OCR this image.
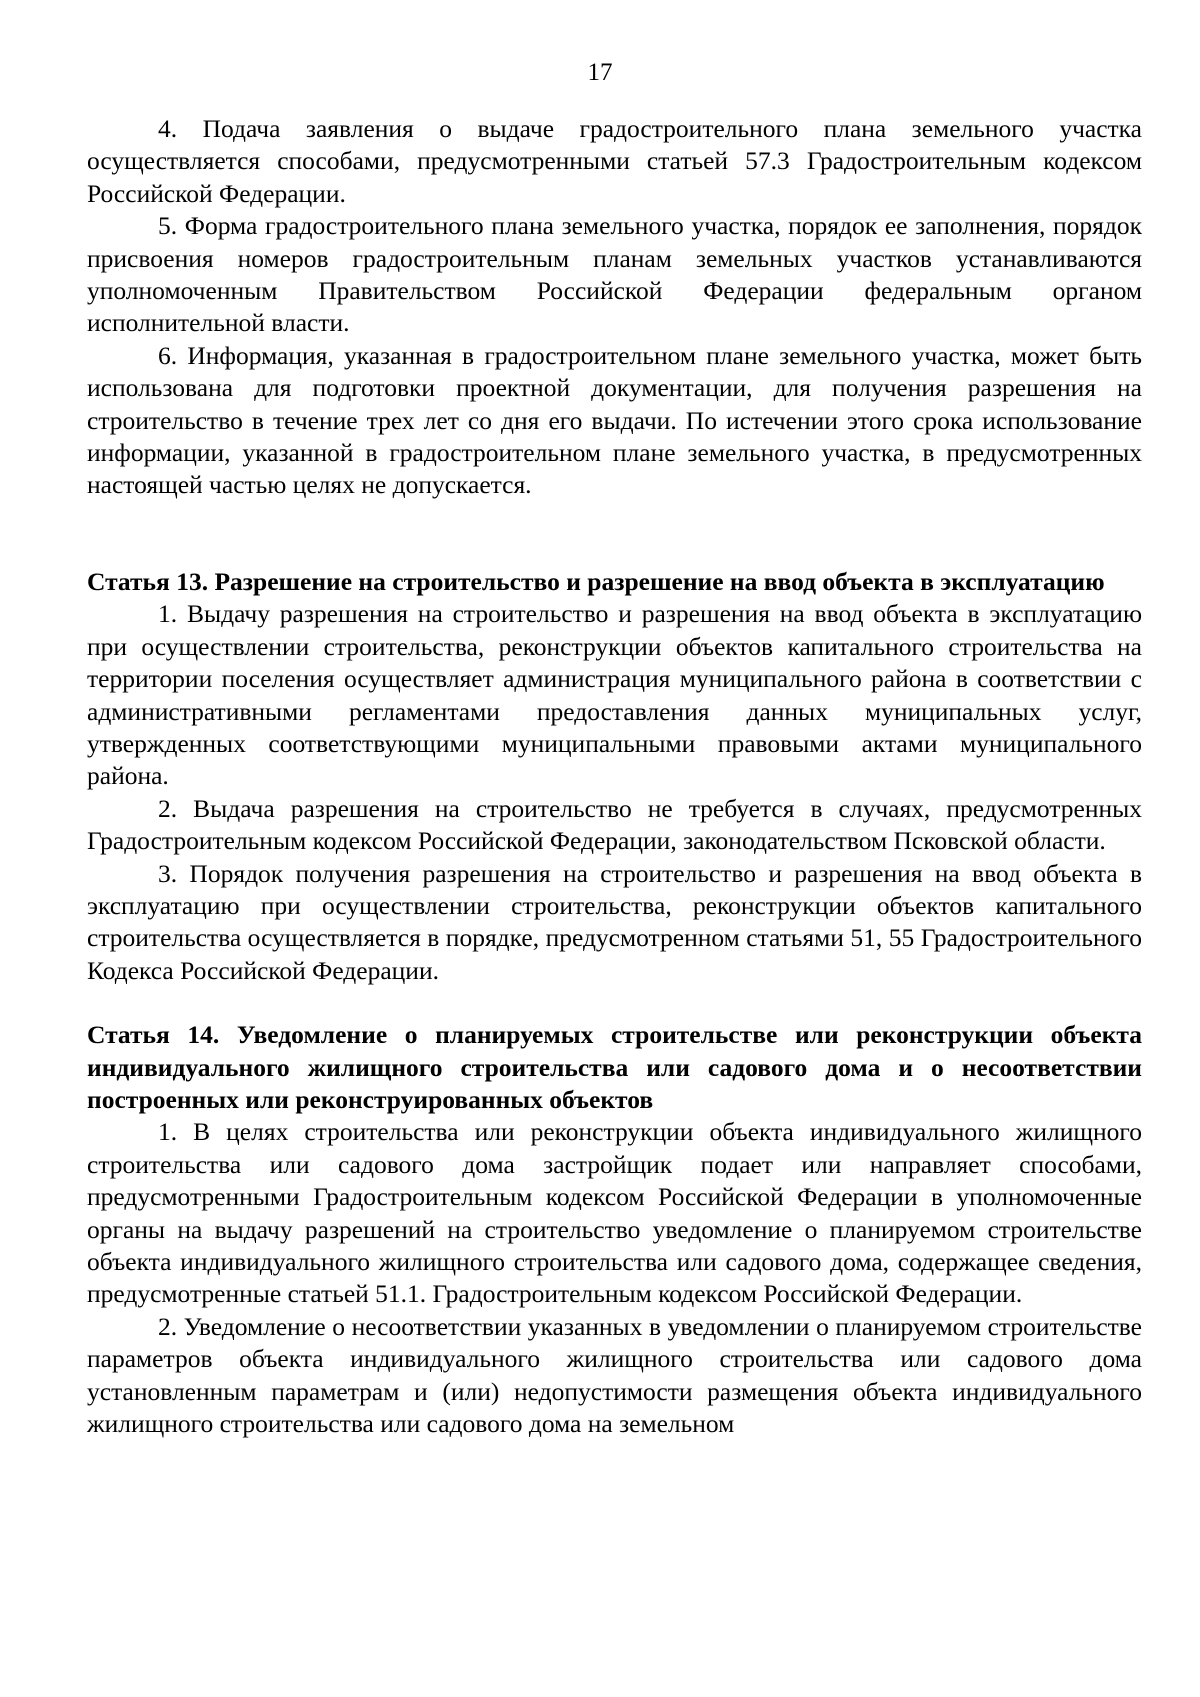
17

4. Подача заявления о выдаче градостроительного плана земельного участка осуществляется способами, предусмотренными статьей 57.3 Градостроительным кодексом Российской Федерации.

5. Форма градостроительного плана земельного участка, порядок ее заполнения, порядок присвоения номеров градостроительным планам земельных участков устанавливаются уполномоченным Правительством Российской Федерации федеральным органом исполнительной власти.

6. Информация, указанная в градостроительном плане земельного участка, может быть использована для подготовки проектной документации, для получения разрешения на строительство в течение трех лет со дня его выдачи. По истечении этого срока использование информации, указанной в градостроительном плане земельного участка, в предусмотренных настоящей частью целях не допускается.

Статья 13. Разрешение на строительство и разрешение на ввод объекта в эксплуатацию

1. Выдачу разрешения на строительство и разрешения на ввод объекта в эксплуатацию при осуществлении строительства, реконструкции объектов капитального строительства на территории поселения осуществляет администрация муниципального района в соответствии с административными регламентами предоставления данных муниципальных услуг, утвержденных соответствующими муниципальными правовыми актами муниципального района.

2. Выдача разрешения на строительство не требуется в случаях, предусмотренных Градостроительным кодексом Российской Федерации, законодательством Псковской области.

3. Порядок получения разрешения на строительство и разрешения на ввод объекта в эксплуатацию при осуществлении строительства, реконструкции объектов капитального строительства осуществляется в порядке, предусмотренном статьями 51, 55 Градостроительного Кодекса Российской Федерации.

Статья 14. Уведомление о планируемых строительстве или реконструкции объекта индивидуального жилищного строительства или садового дома и о несоответствии построенных или реконструированных объектов

1. В целях строительства или реконструкции объекта индивидуального жилищного строительства или садового дома застройщик подает или направляет способами, предусмотренными Градостроительным кодексом Российской Федерации в уполномоченные органы на выдачу разрешений на строительство уведомление о планируемом строительстве объекта индивидуального жилищного строительства или садового дома, содержащее сведения, предусмотренные статьей 51.1. Градостроительным кодексом Российской Федерации.

2. Уведомление о несоответствии указанных в уведомлении о планируемом строительстве параметров объекта индивидуального жилищного строительства или садового дома установленным параметрам и (или) недопустимости размещения объекта индивидуального жилищного строительства или садового дома на земельном
